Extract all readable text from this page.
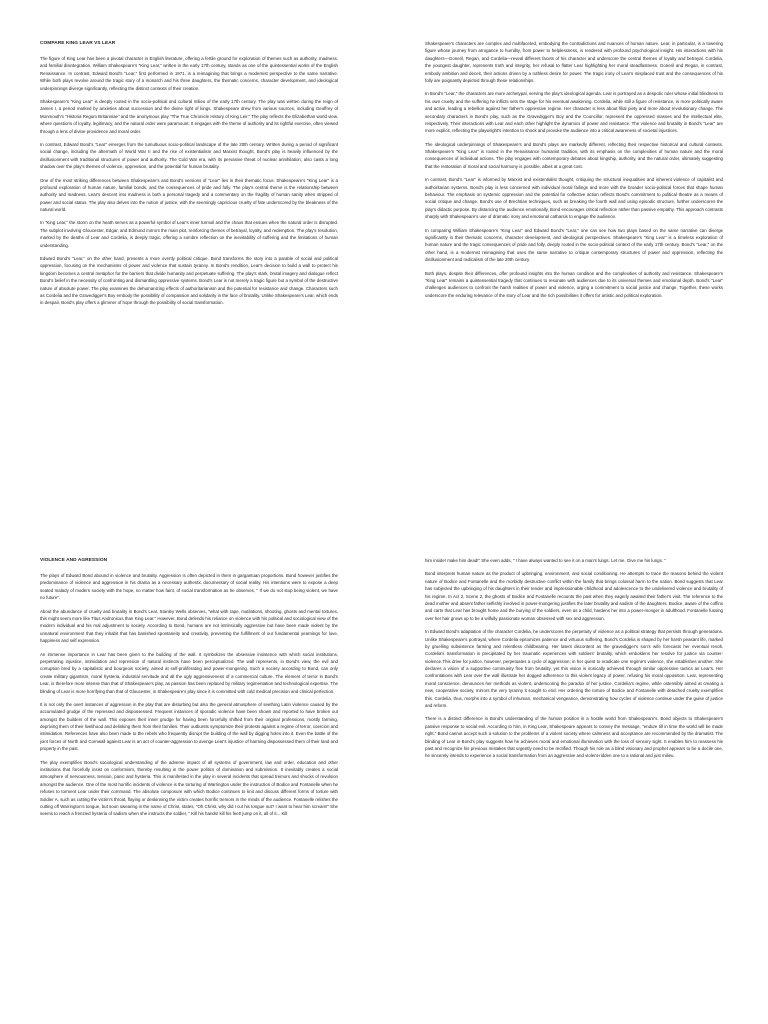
COMPARE KING LEAR VS LEAR

The figure of King Lear has been a pivotal character in English literature, offering a fertile ground for exploration of themes such as authority, madness, and familial disintegration. William Shakespeare's "King Lear," written in the early 17th century, stands as one of the quintessential works of the English Renaissance. In contrast, Edward Bond's "Lear," first performed in 1971, is a reimagining that brings a modernist perspective to the same narrative. While both plays revolve around the tragic story of a monarch and his three daughters, the thematic concerns, character development, and ideological underpinnings diverge significantly, reflecting the distinct contexts of their creation.

Shakespeare's "King Lear" is deeply rooted in the socio-political and cultural milieu of the early 17th century. The play was written during the reign of James I, a period marked by anxieties about succession and the divine right of kings. Shakespeare drew from various sources, including Geoffrey of Monmouth's "Historia Regum Britanniae" and the anonymous play "The True Chronicle History of King Leir." The play reflects the Elizabethan world view, where questions of loyalty, legitimacy, and the natural order were paramount. It engages with the theme of authority and its rightful exercise, often viewed through a lens of divine providence and moral order.

In contrast, Edward Bond's "Lear" emerges from the tumultuous socio-political landscape of the late 20th century. Written during a period of significant social change, including the aftermath of World War II and the rise of existentialism and Marxist thought, Bond's play is heavily influenced by the disillusionment with traditional structures of power and authority. The Cold War era, with its pervasive threat of nuclear annihilation, also casts a long shadow over the play's themes of violence, oppression, and the potential for human brutality.

One of the most striking differences between Shakespeare's and Bond's versions of "Lear" lies in their thematic focus. Shakespeare's "King Lear" is a profound exploration of human nature, familial bonds, and the consequences of pride and folly. The play's central theme is the relationship between authority and madness. Lear's descent into madness is both a personal tragedy and a commentary on the fragility of human sanity when stripped of power and social status. The play also delves into the notion of justice, with the seemingly capricious cruelty of fate underscored by the bleakness of the natural world.

In "King Lear," the storm on the heath serves as a powerful symbol of Lear's inner turmoil and the chaos that ensues when the natural order is disrupted. The subplot involving Gloucester, Edgar, and Edmund mirrors the main plot, reinforcing themes of betrayal, loyalty, and redemption. The play's resolution, marked by the deaths of Lear and Cordelia, is deeply tragic, offering a sombre reflection on the inevitability of suffering and the limitations of human understanding.

Edward Bond's "Lear," on the other hand, presents a more overtly political critique. Bond transforms the story into a parable of social and political oppression, focusing on the mechanisms of power and violence that sustain tyranny. In Bond's rendition, Lear's decision to build a wall to protect his kingdom becomes a central metaphor for the barriers that divide humanity and perpetuate suffering. The play's stark, brutal imagery and dialogue reflect Bond's belief in the necessity of confronting and dismantling oppressive systems. Bond's Lear is not merely a tragic figure but a symbol of the destructive nature of absolute power. The play examines the dehumanizing effects of authoritarianism and the potential for resistance and change. Characters such as Cordelia and the Gravedigger's Boy embody the possibility of compassion and solidarity in the face of brutality. Unlike Shakespeare's Lear, which ends in despair, Bond's play offers a glimmer of hope through the possibility of social transformation.

Shakespeare's characters are complex and multifaceted, embodying the contradictions and nuances of human nature. Lear, in particular, is a towering figure whose journey from arrogance to humility, from power to helplessness, is rendered with profound psychological insight. His interactions with his daughters—Goneril, Regan, and Cordelia—reveal different facets of his character and underscore the central themes of loyalty and betrayal. Cordelia, the youngest daughter, represents truth and integrity, her refusal to flatter Lear highlighting her moral steadfastness. Goneril and Regan, in contrast, embody ambition and deceit, their actions driven by a ruthless desire for power. The tragic irony of Lear's misplaced trust and the consequences of his folly are poignantly depicted through these relationships.

In Bond's "Lear," the characters are more archetypal, serving the play's ideological agenda. Lear is portrayed as a despotic ruler whose initial blindness to his own cruelty and the suffering he inflicts sets the stage for his eventual awakening. Cordelia, while still a figure of resistance, is more politically aware and active, leading a rebellion against her father's oppressive regime. Her character is less about filial piety and more about revolutionary change. The secondary characters in Bond's play, such as the Gravedigger's Boy and the Councillor, represent the oppressed masses and the intellectual elite, respectively. Their interactions with Lear and each other highlight the dynamics of power and resistance. The violence and brutality in Bond's "Lear" are more explicit, reflecting the playwright's intention to shock and provoke the audience into a critical awareness of societal injustices.

The ideological underpinnings of Shakespeare's and Bond's plays are markedly different, reflecting their respective historical and cultural contexts. Shakespeare's "King Lear" is rooted in the Renaissance humanist tradition, with its emphasis on the complexities of human nature and the moral consequences of individual actions. The play engages with contemporary debates about kingship, authority, and the natural order, ultimately suggesting that the restoration of moral and social harmony is possible, albeit at a great cost.

In contrast, Bond's "Lear" is informed by Marxist and existentialist thought, critiquing the structural inequalities and inherent violence of capitalist and authoritarian systems. Bond's play is less concerned with individual moral failings and more with the broader socio-political forces that shape human behaviour. The emphasis on systemic oppression and the potential for collective action reflects Bond's commitment to political theatre as a means of social critique and change. Bond's use of Brechtian techniques, such as breaking the fourth wall and using episodic structure, further underscores the play's didactic purpose. By distancing the audience emotionally, Bond encourages critical reflection rather than passive empathy. This approach contrasts sharply with Shakespeare's use of dramatic irony and emotional catharsis to engage the audience.

In comparing William Shakespeare's "King Lear" and Edward Bond's "Lear," one can see how two plays based on the same narrative can diverge significantly in their thematic concerns, character development, and ideological perspectives. Shakespeare's "King Lear" is a timeless exploration of human nature and the tragic consequences of pride and folly, deeply rooted in the socio-political context of the early 17th century. Bond's "Lear," on the other hand, is a modernist reimagining that uses the same narrative to critique contemporary structures of power and oppression, reflecting the disillusionment and radicalism of the late 20th century.

Both plays, despite their differences, offer profound insights into the human condition and the complexities of authority and resistance. Shakespeare's "King Lear" remains a quintessential tragedy that continues to resonate with audiences due to its universal themes and emotional depth. Bond's "Lear" challenges audiences to confront the harsh realities of power and violence, urging a commitment to social justice and change. Together, these works underscore the enduring relevance of the story of Lear and the rich possibilities it offers for artistic and political exploration.

VIOLENCE AND AGRESSION

The plays of Edward Bond abound in violence and brutality. Aggression is often depicted in them in gargantuan proportions. Bond however justifies the predominance of violence and aggression in his drama as a necessary authentic documentary of social reality. His intentions were to expose a deep seated malady of modern society with the hope, no matter how faint, of social transformation as he observes, " If we do not stop being violent, we have no future".

About the abundance of cruelty and brutality in Bond's Lear, Stanley Wells observes, "what with rape, mutilations, shooting, ghosts and mental tortures, this might seem more like Titus Andronicus than King Lear." However, Bond defends his reliance on violence with his political and sociological view of the modern individual and his mal adjustment to society. According to Bond, humans are not intrinsically aggressive but have been made violent by the unnatural environment that they inhabit that has banished spontaneity and creativity, preventing the fulfillment of our fundamental yearnings for love, happiness and self expression.

An immense importance in Lear has been given to the building of the wall. It symbolizes the obsessive insistence with which social institutions, perpetrating injustice, intimidation and repression of natural instincts have been perceptualized. The wall represents, in Bond's view, the evil and corruption bred by a capitalistic and bourgeois society, aimed at self-proliferating and power-mongering. Such a society according to Bond, can only create military gigantism, moral hysteria, industrial servitude and all the ugly aggressiveness of a commercial culture. The element of terror in Bond's Lear, is therefore more intense than that of Shakespeare's play, as passion has been replaced by military regimentation and technological expertise. The blinding of Lear is more horrifying than that of Gloucester, in Shakespeare's play since it is committed with cold medical precision and clinical perfection.

It is not only the overt instances of aggression in the play that are disturbing but also the general atmosphere of seething Latin violence caused by the accumulated grudge of the repressed and dispossessed. Frequent instances of sporadic violence have been shown and reported to have broken out amongst the builders of the wall. This exposes their inner grudge for having been forcefully shifted from their original professions, mostly farming, depriving them of their livelihood and delinking them from their families. Their outbursts symptomize their protests against a regime of terror, coercion and intimidation. References have also been made to the rebels who frequently disrupt the building of the wall by digging holes into it. Even the battle of the joint forces of North and Cornwall against Lear is an act of counter-aggression to avenge Lear's injustice of harming dispossessed them of their land and property in the past.

The play exemplifies Bond's sociological understanding of the adverse impact of all systems of government, law and order, education and other institutions that forcefully insist on conformism, thereby resulting in the power politics of domination and submission. It inevitably creates a social atmosphere of nervousness, tension, panic and hysteria. This is manifested in the play in several incidents that spread tremors and shocks of revulsion amongst the audience. One of the most horrific incidents of violence is the torturing of Warrington under the instruction of Bodice and Fontanelle when he refuses to torment Lear under their command. The absolute composure with which Bodice continues to knit and discuss different forms of torture with Soldier A, such as cutting the victim's throat, flaying or deskinning the victim creates horrific tremors in the minds of the audience. Fontanelle relishes the cutting off Warrington's tongue, but soon swearing in the name of Christ, states, "Oh Christ, why did I cut his tongue out? I want to hear him scream!" She seems to reach a frenzied hysteria of sadism when she instructs the soldier, " Kill his hands! kill his feet! jump on it, all of it... Kill

him inside! make him dead!" She even adds, " I have always wanted to see it on a man's lungs. Let me. Give me his lungs. "

Bond interprets human nature as the product of upbringing, environment, and social conditioning. He attempts to trace the reasons behind the violent nature of Bodice and Fontanelle and the morbidly destructive conflict within the family that brings colossal harm to the nation. Bond suggests that Lear has subjected the upbringing of his daughters in their tender and impressionable childhood and adolescence to the undelivered violence and brutality of his regime. In Act 2, Scene 2, the ghosts of Bodice and Fontanelle recounts the past when they eagerly awaited their father's visit. The reference to the dead mother and absent father selfishly involved in power-mongering justifies the later brutality and sadism of the daughters. Bodice, aware of the coffins and carts that Lear has brought home and the burying of the soldiers, even as a child, hardens her into a power-monger in adulthood. Fontanelle fussing over her hair grows up to be a wilfully passionate woman obsessed with sex and aggression.

In Edward Bond's adaptation of the character Cordelia, he underscores the perpetuity of violence as a political strategy that persists through generations. Unlike Shakespeare's portrayal, where Cordelia epitomizes patience and virtuous suffering, Bond's Cordelia is shaped by her harsh peasant life, marked by gruelling subsistence farming and relentless childbearing. Her latent discontent as the gravedigger's son's wife forecasts her eventual revolt. Cordelia's transformation is precipitated by her traumatic experiences with soldiers' brutality, which emboldens her resolve for justice via counter-violence.This drive for justice, however, perpetuates a cycle of aggression; in her quest to eradicate one regime's violence, she establishes another. She declares a vision of a supportive community free from brutality, yet this vision is ironically achieved through similar oppressive tactics as Lear's. Her confrontations with Lear over the wall illustrate her dogged adherence to this violent legacy of power, refusing his moral opposition. Lear, representing moral conscience, denounces her methods as violent, underscoring the paradox of her justice. Cordelia's regime, while ostensibly aimed at creating a new, cooperative society, mirrors the very tyranny it sought to end. Her ordering the torture of Bodice and Fontanelle with detached cruelty exemplifies this. Cordelia, thus, morphs into a symbol of inhuman, mechanical vengeance, demonstrating how cycles of violence continue under the guise of justice and reform.

There is a distinct difference in Bond's understanding of the human position in a hostile world from Shakespeare's. Bond objects to Shakespeare's passive response to social evil. According to him, in King Lear, Shakespeare appears to convey the message, "endure till in time the world will be made right." Bond cannot accept such a solution to the problems of a violent society where calmness and acceptance are recommended by the dramatist. The blinding of Lear in Bond's play suggests how he achieves moral and emotional illumination with the loss of sensory sight. It enables him to reassess his past and recognize his previous mistakes that urgently need to be rectified. Though his role as a blind visionary and prophet appears to be a docile one, he sincerely intends to experience a social transformation from an aggressive and violent-ridden one to a rational and just milieu.
